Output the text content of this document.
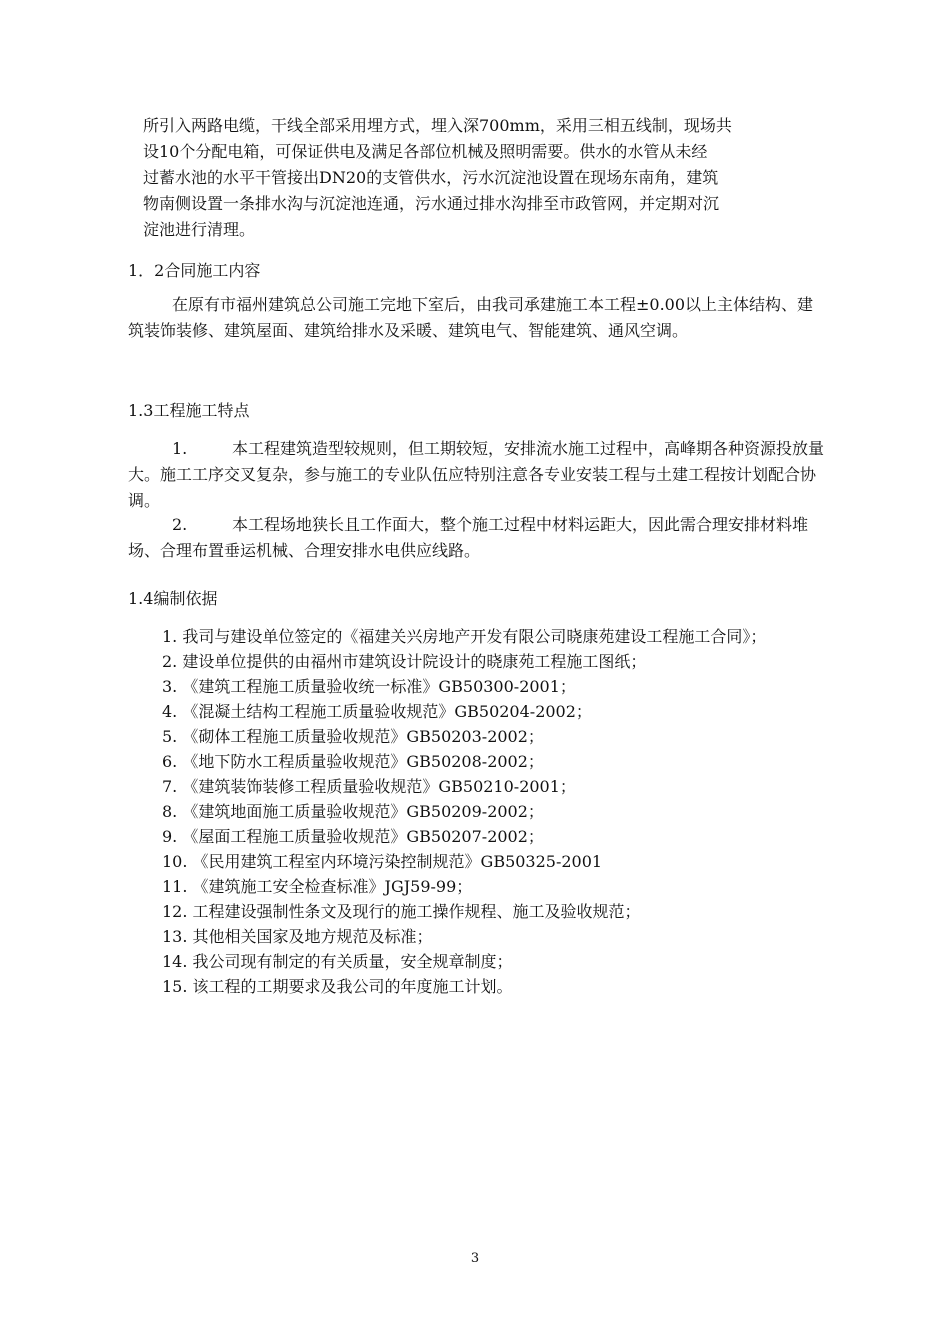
所引入两路电缆，干线全部采用埋方式，埋入深700mm，采用三相五线制，现场共
设10个分配电箱，可保证供电及满足各部位机械及照明需要。供水的水管从未经
过蓄水池的水平干管接出DN20的支管供水，污水沉淀池设置在现场东南角，建筑
物南侧设置一条排水沟与沉淀池连通，污水通过排水沟排至市政管网，并定期对沉
淀池进行清理。
1．2合同施工内容
在原有市福州建筑总公司施工完地下室后，由我司承建施工本工程±0.00以上主体结构、建筑装饰装修、建筑屋面、建筑给排水及采暖、建筑电气、智能建筑、通风空调。
1.3工程施工特点
1.	本工程建筑造型较规则，但工期较短，安排流水施工过程中，高峰期各种资源投放量大。施工工序交叉复杂，参与施工的专业队伍应特别注意各专业安装工程与土建工程按计划配合协调。
2.	本工程场地狭长且工作面大，整个施工过程中材料运距大，因此需合理安排材料堆场、合理布置垂运机械、合理安排水电供应线路。
1.4编制依据
1. 我司与建设单位签定的《福建关兴房地产开发有限公司晓康苑建设工程施工合同》；
2. 建设单位提供的由福州市建筑设计院设计的晓康苑工程施工图纸；
3. 《建筑工程施工质量验收统一标准》GB50300-2001；
4. 《混凝土结构工程施工质量验收规范》GB50204-2002；
5. 《砌体工程施工质量验收规范》GB50203-2002；
6. 《地下防水工程质量验收规范》GB50208-2002；
7. 《建筑装饰装修工程质量验收规范》GB50210-2001；
8. 《建筑地面施工质量验收规范》GB50209-2002；
9. 《屋面工程施工质量验收规范》GB50207-2002；
10. 《民用建筑工程室内环境污染控制规范》GB50325-2001
11. 《建筑施工安全检查标准》JGJ59-99；
12. 工程建设强制性条文及现行的施工操作规程、施工及验收规范；
13. 其他相关国家及地方规范及标准；
14. 我公司现有制定的有关质量，安全规章制度；
15. 该工程的工期要求及我公司的年度施工计划。
3
